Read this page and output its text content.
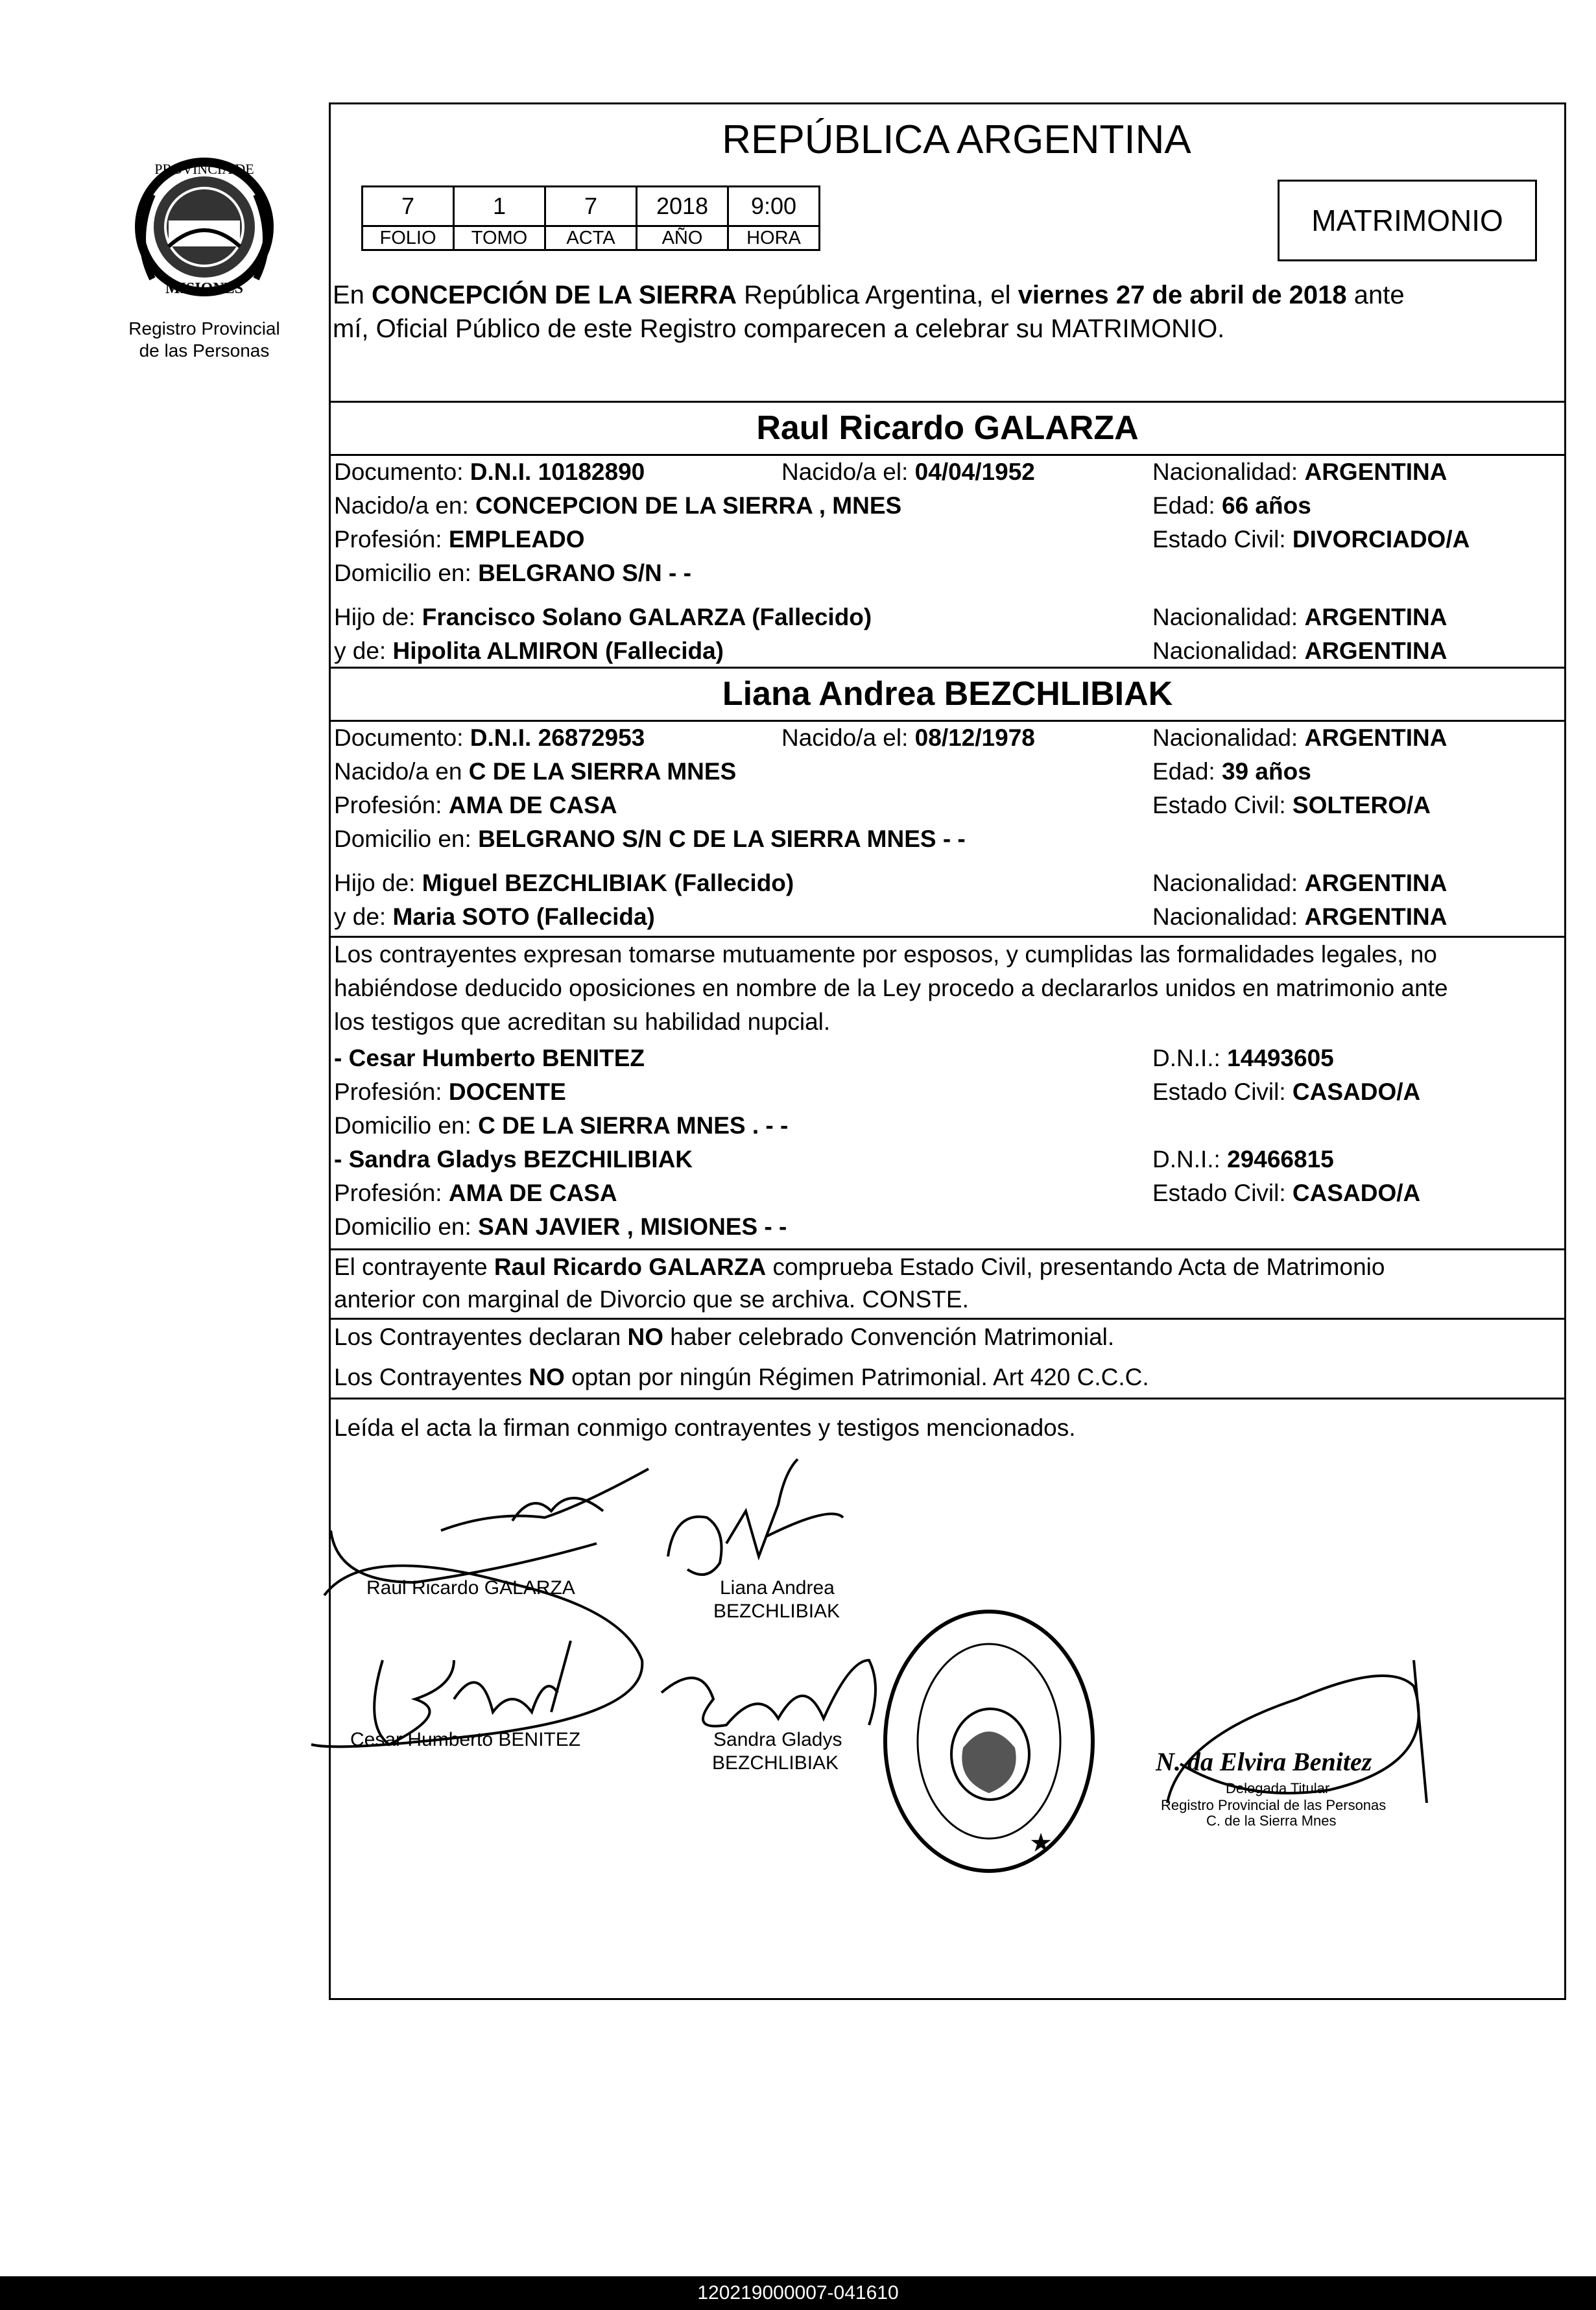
PROVINCIA DE
MISIONES
Registro Provincial
de las Personas
REPÚBLICA ARGENTINA
7	1	7	2018	9:00
FOLIO	TOMO	ACTA	AÑO	HORA
MATRIMONIO
En CONCEPCIÓN DE LA SIERRA República Argentina, el viernes 27 de abril de 2018 ante
mí, Oficial Público de este Registro comparecen a celebrar su MATRIMONIO.
Raul Ricardo GALARZA
Documento: D.N.I. 10182890	Nacido/a el: 04/04/1952	Nacionalidad: ARGENTINA
Nacido/a en: CONCEPCION DE LA SIERRA , MNES	Edad: 66 años
Profesión: EMPLEADO	Estado Civil: DIVORCIADO/A
Domicilio en: BELGRANO S/N - -
Hijo de: Francisco Solano GALARZA (Fallecido)	Nacionalidad: ARGENTINA
y de: Hipolita ALMIRON (Fallecida)	Nacionalidad: ARGENTINA
Liana Andrea BEZCHLIBIAK
Documento: D.N.I. 26872953	Nacido/a el: 08/12/1978	Nacionalidad: ARGENTINA
Nacido/a en C DE LA SIERRA MNES	Edad: 39 años
Profesión: AMA DE CASA	Estado Civil: SOLTERO/A
Domicilio en: BELGRANO S/N C DE LA SIERRA MNES - -
Hijo de: Miguel BEZCHLIBIAK (Fallecido)	Nacionalidad: ARGENTINA
y de: Maria SOTO (Fallecida)	Nacionalidad: ARGENTINA
Los contrayentes expresan tomarse mutuamente por esposos, y cumplidas las formalidades legales, no
habiéndose deducido oposiciones en nombre de la Ley procedo a declararlos unidos en matrimonio ante
los testigos que acreditan su habilidad nupcial.
- Cesar Humberto BENITEZ	D.N.I.: 14493605
Profesión: DOCENTE	Estado Civil: CASADO/A
Domicilio en: C DE LA SIERRA MNES . - -
- Sandra Gladys BEZCHILIBIAK	D.N.I.: 29466815
Profesión: AMA DE CASA	Estado Civil: CASADO/A
Domicilio en: SAN JAVIER , MISIONES - -
El contrayente Raul Ricardo GALARZA comprueba Estado Civil, presentando Acta de Matrimonio
anterior con marginal de Divorcio que se archiva. CONSTE.
Los Contrayentes declaran NO haber celebrado Convención Matrimonial.
Los Contrayentes NO optan por ningún Régimen Patrimonial. Art 420 C.C.C.
Leída el acta la firman conmigo contrayentes y testigos mencionados.
Raul Ricardo GALARZA	Liana Andrea
BEZCHLIBIAK
Cesar Humberto BENITEZ	Sandra Gladys
BEZCHLIBIAK
★
N. da Elvira Benitez
Delegada Titular
Registro Provincial de las Personas
C. de la Sierra Mnes
120219000007-041610
